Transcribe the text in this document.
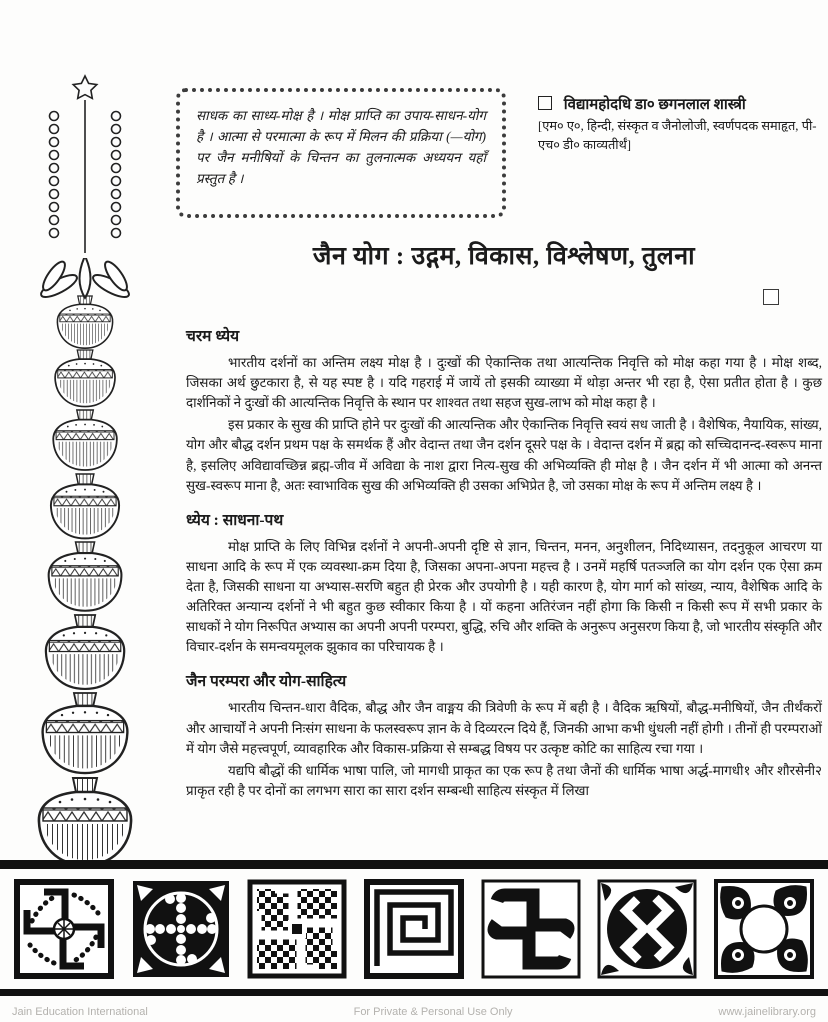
साधक का साध्य-मोक्ष है । मोक्ष प्राप्ति का उपाय-साधन-योग है । आत्मा से परमात्मा के रूप में मिलन की प्रक्रिया (—योग) पर जैन मनीषियों के चिन्तन का तुलनात्मक अध्ययन यहाँ प्रस्तुत है ।
विद्यामहोदधि डा० छगनलाल शास्त्री
[एम० ए०, हिन्दी, संस्कृत व जैनोलोजी, स्वर्णपदक समाहृत, पी-एच० डी० काव्यतीर्थं]
जैन योग : उद्गम, विकास, विश्लेषण, तुलना
चरम ध्येय

भारतीय दर्शनों का अन्तिम लक्ष्य मोक्ष है । दुःखों की ऐकान्तिक तथा आत्यन्तिक निवृत्ति को मोक्ष कहा गया है । मोक्ष शब्द, जिसका अर्थ छुटकारा है, से यह स्पष्ट है । यदि गहराई में जायें तो इसकी व्याख्या में थोड़ा अन्तर भी रहा है, ऐसा प्रतीत होता है । कुछ दार्शनिकों ने दुःखों की आत्यन्तिक निवृत्ति के स्थान पर शाश्वत तथा सहज सुख-लाभ को मोक्ष कहा है ।

इस प्रकार के सुख की प्राप्ति होने पर दुःखों की आत्यन्तिक और ऐकान्तिक निवृत्ति स्वयं सध जाती है । वैशेषिक, नैयायिक, सांख्य, योग और बौद्ध दर्शन प्रथम पक्ष के समर्थक हैं और वेदान्त तथा जैन दर्शन दूसरे पक्ष के । वेदान्त दर्शन में ब्रह्म को सच्चिदानन्द-स्वरूप माना है, इसलिए अविद्यावच्छिन्न ब्रह्म-जीव में अविद्या के नाश द्वारा नित्य-सुख की अभिव्यक्ति ही मोक्ष है । जैन दर्शन में भी आत्मा को अनन्त सुख-स्वरूप माना है, अतः स्वाभाविक सुख की अभिव्यक्ति ही उसका अभिप्रेत है, जो उसका मोक्ष के रूप में अन्तिम लक्ष्य है ।

ध्येय : साधना-पथ

मोक्ष प्राप्ति के लिए विभिन्न दर्शनों ने अपनी-अपनी दृष्टि से ज्ञान, चिन्तन, मनन, अनुशीलन, निदिध्यासन, तदनुकूल आचरण या साधना आदि के रूप में एक व्यवस्था-क्रम दिया है, जिसका अपना-अपना महत्त्व है । उनमें महर्षि पतञ्जलि का योग दर्शन एक ऐसा क्रम देता है, जिसकी साधना या अभ्यास-सरणि बहुत ही प्रेरक और उपयोगी है । यही कारण है, योग मार्ग को सांख्य, न्याय, वैशेषिक आदि के अतिरिक्त अन्यान्य दर्शनों ने भी बहुत कुछ स्वीकार किया है । यों कहना अतिरंजन नहीं होगा कि किसी न किसी रूप में सभी प्रकार के साधकों ने योग निरूपित अभ्यास का अपनी अपनी परम्परा, बुद्धि, रुचि और शक्ति के अनुरूप अनुसरण किया है, जो भारतीय संस्कृति और विचार-दर्शन के समन्वयमूलक झुकाव का परिचायक है ।

जैन परम्परा और योग-साहित्य

भारतीय चिन्तन-धारा वैदिक, बौद्ध और जैन वाङ्मय की त्रिवेणी के रूप में बही है । वैदिक ऋषियों, बौद्ध-मनीषियों, जैन तीर्थंकरों और आचार्यों ने अपनी निःसंग साधना के फलस्वरूप ज्ञान के वे दिव्यरत्न दिये हैं, जिनकी आभा कभी धुंधली नहीं होगी । तीनों ही परम्पराओं में योग जैसे महत्त्वपूर्ण, व्यावहारिक और विकास-प्रक्रिया से सम्बद्ध विषय पर उत्कृष्ट कोटि का साहित्य रचा गया ।

यद्यपि बौद्धों की धार्मिक भाषा पालि, जो मागधी प्राकृत का एक रूप है तथा जैनों की धार्मिक भाषा अर्द्ध-मागधी१ और शौरसेनी२ प्राकृत रही है पर दोनों का लगभग सारा का सारा दर्शन सम्बन्धी साहित्य संस्कृत में लिखा

Jain Education International	For Private & Personal Use Only	www.jainelibrary.org
